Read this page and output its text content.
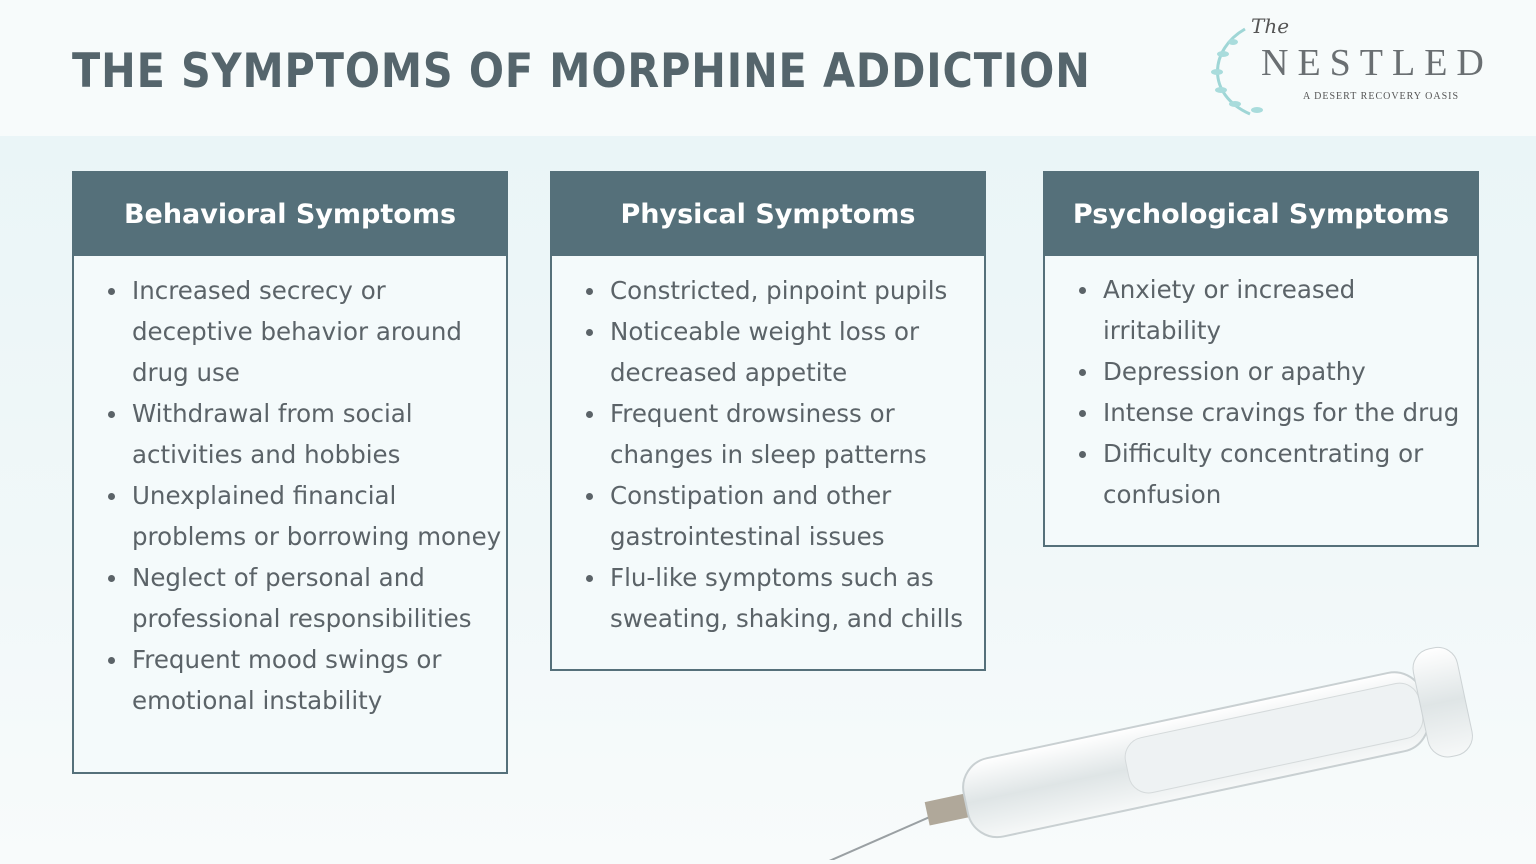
THE SYMPTOMS OF MORPHINE ADDICTION
The
NESTLED
A DESERT RECOVERY OASIS
Behavioral Symptoms
Increased secrecy or deceptive behavior around drug use
Withdrawal from social activities and hobbies
Unexplained financial problems or borrowing money
Neglect of personal and professional responsibilities
Frequent mood swings or emotional instability
Physical Symptoms
Constricted, pinpoint pupils
Noticeable weight loss or decreased appetite
Frequent drowsiness or changes in sleep patterns
Constipation and other gastrointestinal issues
Flu-like symptoms such as sweating, shaking, and chills
Psychological Symptoms
Anxiety or increased irritability
Depression or apathy
Intense cravings for the drug
Difficulty concentrating or confusion
